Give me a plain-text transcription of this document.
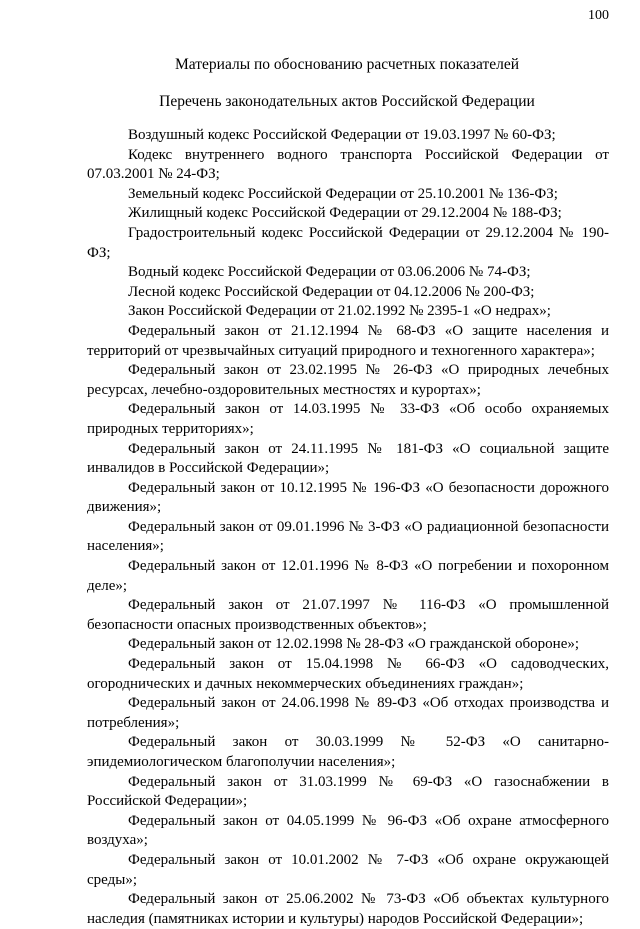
100
Материалы по обоснованию расчетных показателей
Перечень законодательных актов Российской Федерации
Воздушный кодекс Российской Федерации от 19.03.1997 № 60-ФЗ;
Кодекс внутреннего водного транспорта Российской Федерации от 07.03.2001 № 24-ФЗ;
Земельный кодекс Российской Федерации от 25.10.2001 № 136-ФЗ;
Жилищный кодекс Российской Федерации от 29.12.2004 № 188-ФЗ;
Градостроительный кодекс Российской Федерации от 29.12.2004 № 190-ФЗ;
Водный кодекс Российской Федерации от 03.06.2006 № 74-ФЗ;
Лесной кодекс Российской Федерации от 04.12.2006 № 200-ФЗ;
Закон Российской Федерации от 21.02.1992 № 2395-1 «О недрах»;
Федеральный закон от 21.12.1994 № 68-ФЗ «О защите населения и территорий от чрезвычайных ситуаций природного и техногенного характера»;
Федеральный закон от 23.02.1995 № 26-ФЗ «О природных лечебных ресурсах, лечебно-оздоровительных местностях и курортах»;
Федеральный закон от 14.03.1995 № 33-ФЗ «Об особо охраняемых природных территориях»;
Федеральный закон от 24.11.1995 № 181-ФЗ «О социальной защите инвалидов в Российской Федерации»;
Федеральный закон от 10.12.1995 № 196-ФЗ «О безопасности дорожного движения»;
Федеральный закон от 09.01.1996 № 3-ФЗ «О радиационной безопасности населения»;
Федеральный закон от 12.01.1996 № 8-ФЗ «О погребении и похоронном деле»;
Федеральный закон от 21.07.1997 № 116-ФЗ «О промышленной безопасности опасных производственных объектов»;
Федеральный закон от 12.02.1998 № 28-ФЗ «О гражданской обороне»;
Федеральный закон от 15.04.1998 № 66-ФЗ «О садоводческих, огороднических и дачных некоммерческих объединениях граждан»;
Федеральный закон от 24.06.1998 № 89-ФЗ «Об отходах производства и потребления»;
Федеральный закон от 30.03.1999 № 52-ФЗ «О санитарно-эпидемиологическом благополучии населения»;
Федеральный закон от 31.03.1999 № 69-ФЗ «О газоснабжении в Российской Федерации»;
Федеральный закон от 04.05.1999 № 96-ФЗ «Об охране атмосферного воздуха»;
Федеральный закон от 10.01.2002 № 7-ФЗ «Об охране окружающей среды»;
Федеральный закон от 25.06.2002 № 73-ФЗ «Об объектах культурного наследия (памятниках истории и культуры) народов Российской Федерации»;
